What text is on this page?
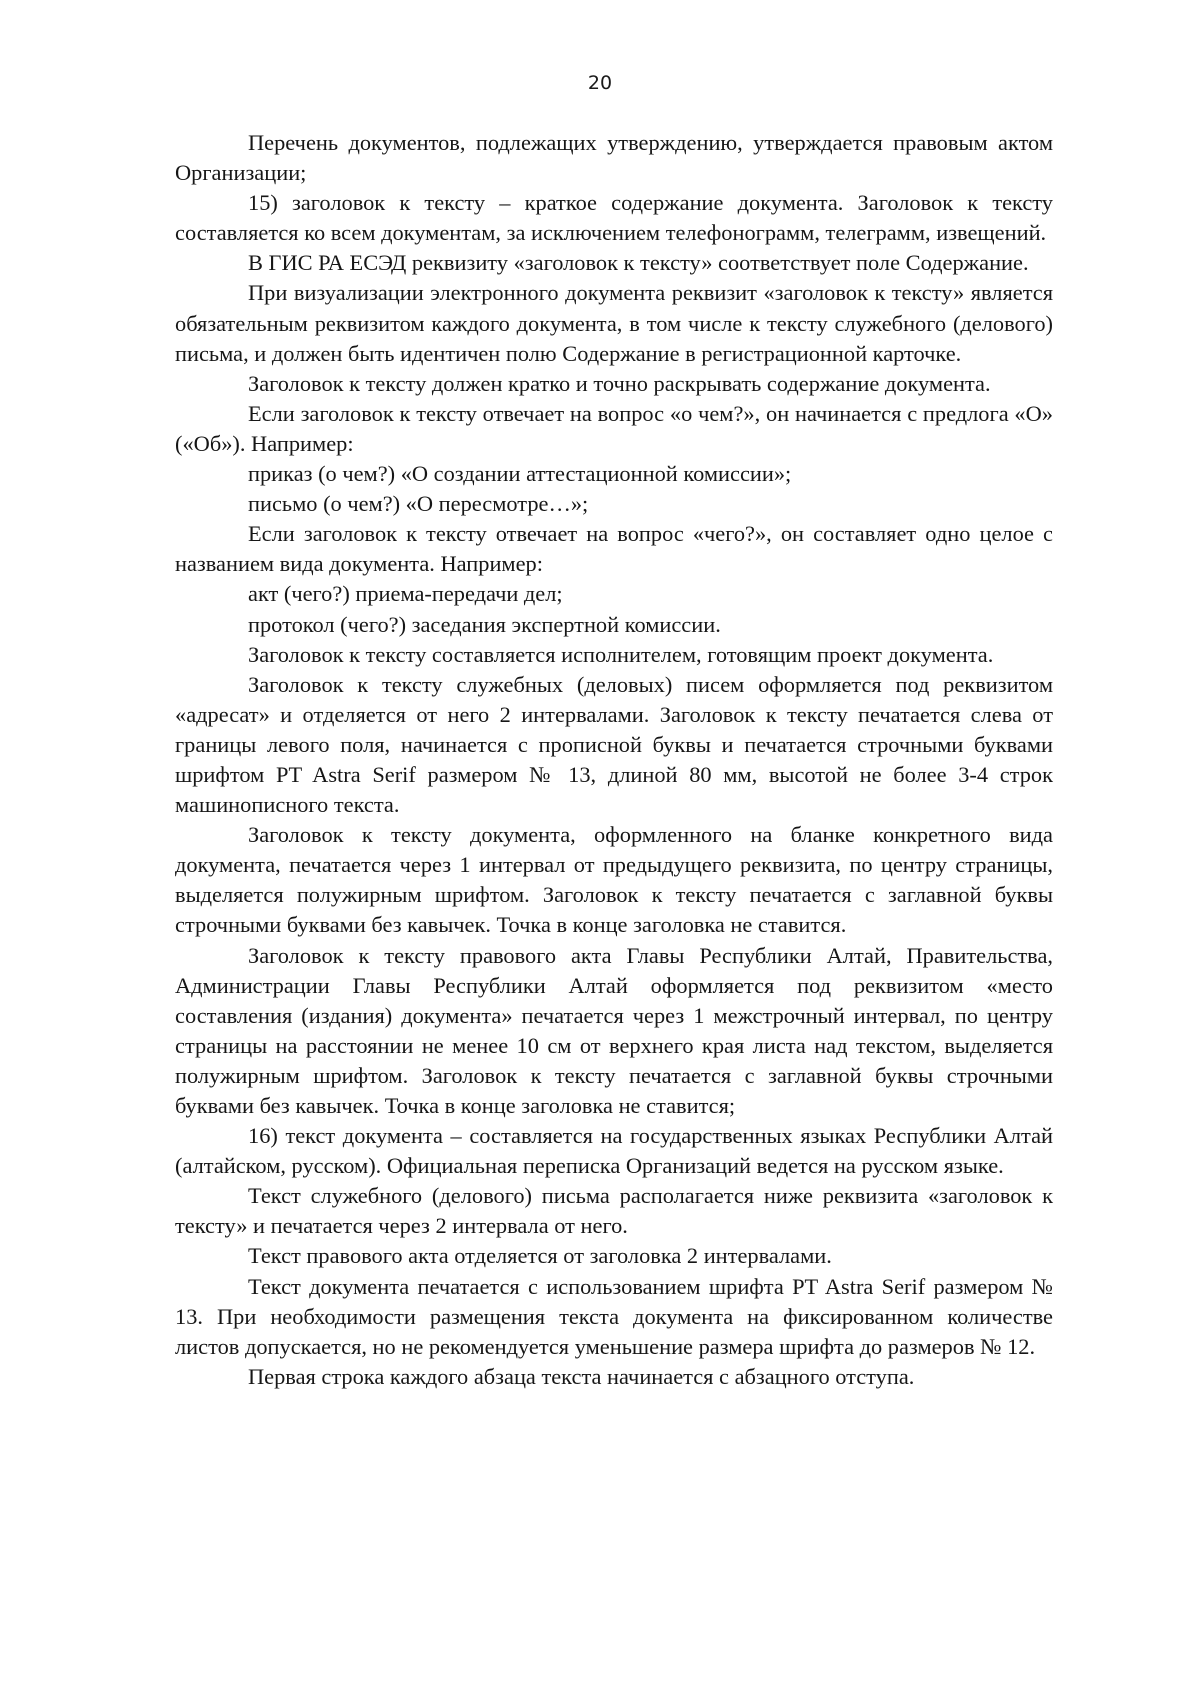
20

Перечень документов, подлежащих утверждению, утверждается правовым актом Организации;

15) заголовок к тексту – краткое содержание документа. Заголовок к тексту составляется ко всем документам, за исключением телефонограмм, телеграмм, извещений.

В ГИС РА ЕСЭД реквизиту «заголовок к тексту» соответствует поле Содержание.

При визуализации электронного документа реквизит «заголовок к тексту» является обязательным реквизитом каждого документа, в том числе к тексту служебного (делового) письма, и должен быть идентичен полю Содержание в регистрационной карточке.

Заголовок к тексту должен кратко и точно раскрывать содержание документа.

Если заголовок к тексту отвечает на вопрос «о чем?», он начинается с предлога «О» («Об»). Например:

приказ (о чем?) «О создании аттестационной комиссии»;

письмо (о чем?) «О пересмотре…»;

Если заголовок к тексту отвечает на вопрос «чего?», он составляет одно целое с названием вида документа. Например:

акт (чего?) приема-передачи дел;

протокол (чего?) заседания экспертной комиссии.

Заголовок к тексту составляется исполнителем, готовящим проект документа.

Заголовок к тексту служебных (деловых) писем оформляется под реквизитом «адресат» и отделяется от него 2 интервалами. Заголовок к тексту печатается слева от границы левого поля, начинается с прописной буквы и печатается строчными буквами шрифтом PT Astra Serif размером № 13, длиной 80 мм, высотой не более 3-4 строк машинописного текста.

Заголовок к тексту документа, оформленного на бланке конкретного вида документа, печатается через 1 интервал от предыдущего реквизита, по центру страницы, выделяется полужирным шрифтом. Заголовок к тексту печатается с заглавной буквы строчными буквами без кавычек. Точка в конце заголовка не ставится.

Заголовок к тексту правового акта Главы Республики Алтай, Правительства, Администрации Главы Республики Алтай оформляется под реквизитом «место составления (издания) документа» печатается через 1 межстрочный интервал, по центру страницы на расстоянии не менее 10 см от верхнего края листа над текстом, выделяется полужирным шрифтом. Заголовок к тексту печатается с заглавной буквы строчными буквами без кавычек. Точка в конце заголовка не ставится;

16) текст документа – составляется на государственных языках Республики Алтай (алтайском, русском). Официальная переписка Организаций ведется на русском языке.

Текст служебного (делового) письма располагается ниже реквизита «заголовок к тексту» и печатается через 2 интервала от него.

Текст правового акта отделяется от заголовка 2 интервалами.

Текст документа печатается с использованием шрифта PT Astra Serif размером № 13. При необходимости размещения текста документа на фиксированном количестве листов допускается, но не рекомендуется уменьшение размера шрифта до размеров № 12.

Первая строка каждого абзаца текста начинается с абзацного отступа.
